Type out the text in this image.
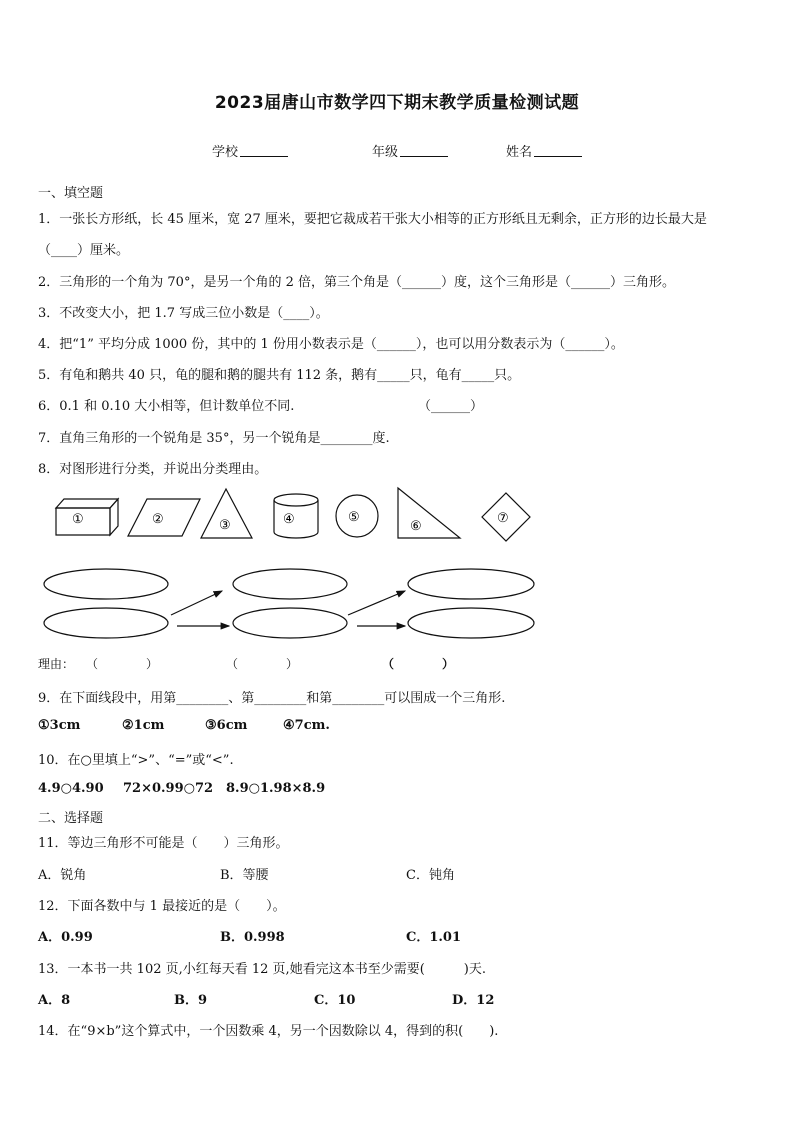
2023届唐山市数学四下期末教学质量检测试题
学校	年级	姓名
一、填空题
1．一张长方形纸，长 45 厘米，宽 27 厘米，要把它裁成若干张大小相等的正方形纸且无剩余，正方形的边长最大是
（____）厘米。
2．三角形的一个角为 70°，是另一个角的 2 倍，第三个角是（______）度，这个三角形是（______）三角形。
3．不改变大小，把 1.7 写成三位小数是（____）。
4．把“1” 平均分成 1000 份，其中的 1 份用小数表示是（______），也可以用分数表示为（______）。
5．有龟和鹅共 40 只，龟的腿和鹅的腿共有 112 条，鹅有_____只，龟有_____只。
6．0.1 和 0.10 大小相等，但计数单位不同.	（______）
7．直角三角形的一个锐角是 35°，另一个锐角是________度.
8．对图形进行分类，并说出分类理由。
①	②	③	④	⑤
⑥
⑦
理由： （　　　　）	（　　　　）	（　　　　）
9．在下面线段中，用第________、第________和第________可以围成一个三角形.
①3cm	②1cm	③6cm	④7cm.
10．在○里填上“>”、“=”或“<”.
4.9○4.90 72×0.99○72 8.9○1.98×8.9
二、选择题
11．等边三角形不可能是（　　）三角形。
A．锐角	B．等腰	C．钝角
12．下面各数中与 1 最接近的是（　　）。
A．0.99	B．0.998	C．1.01
13．一本书一共 102 页,小红每天看 12 页,她看完这本书至少需要(　　　)天.
A．8	B．9	C．10	D．12
14．在“9×b”这个算式中，一个因数乘 4，另一个因数除以 4，得到的积(　　).
